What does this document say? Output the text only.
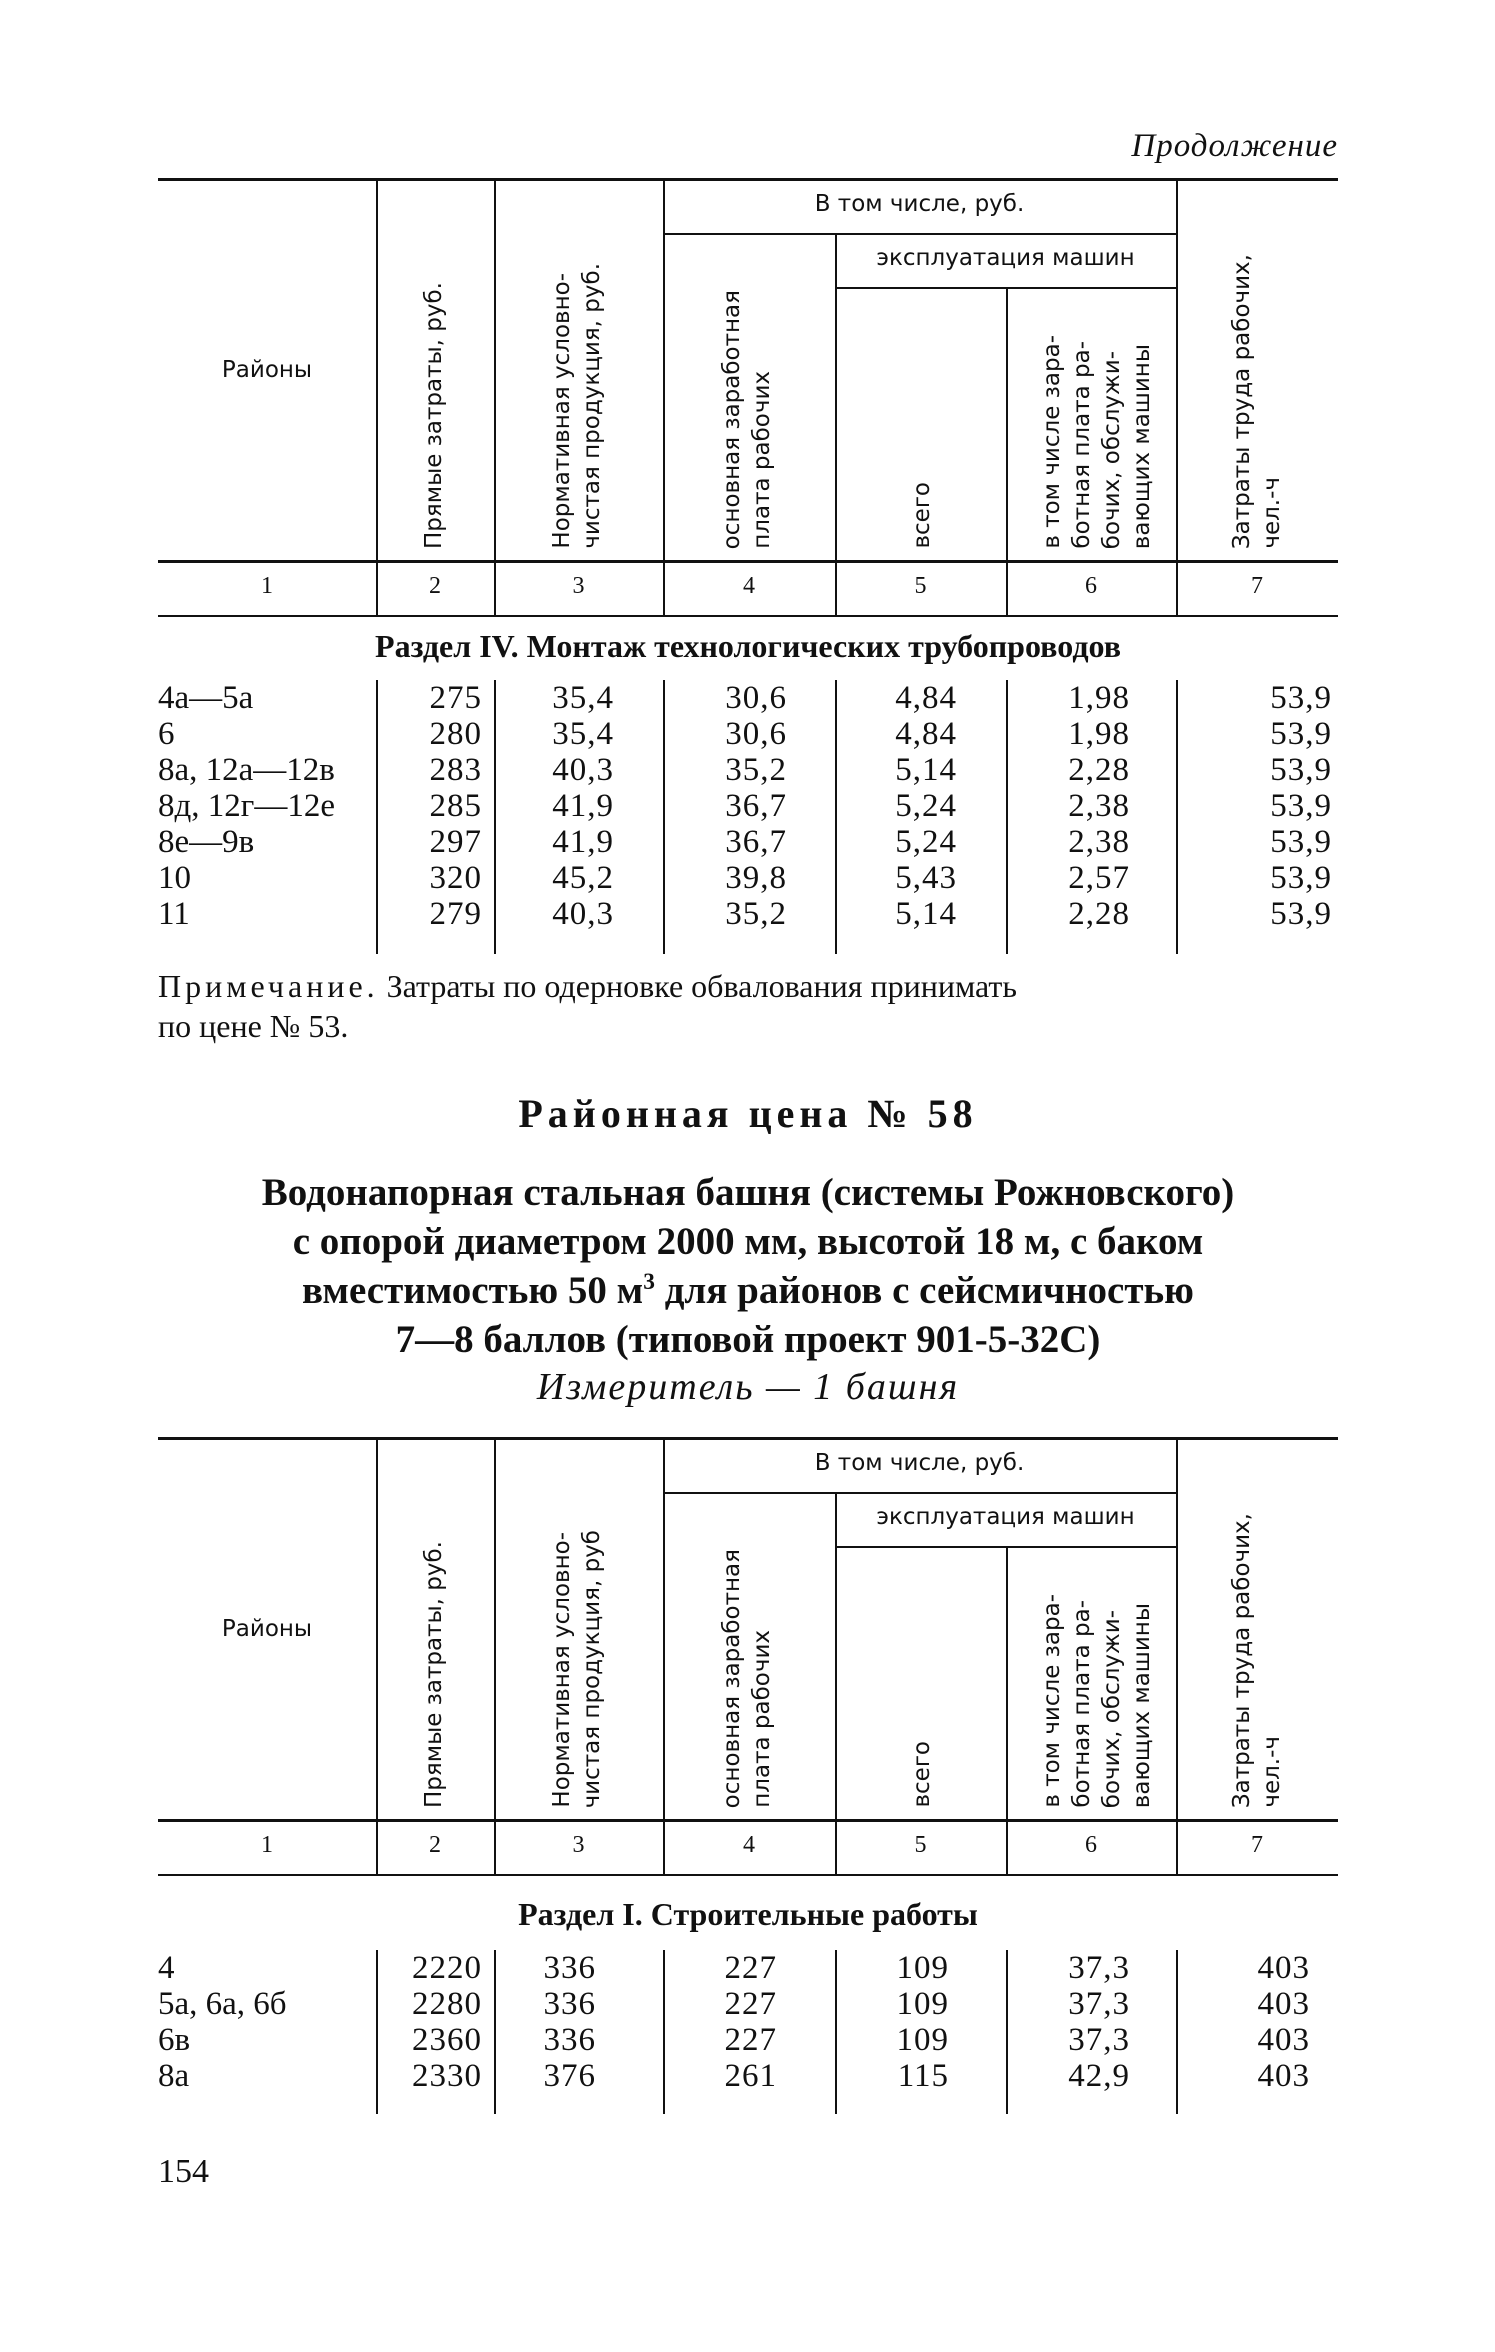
Продолжение
Районы
В том числе, руб.
эксплуатация машин
Прямые затраты, руб.	Нормативная условно- чистая продукция, руб.	основная заработная плата рабочих	всего	в том числе зара- ботная плата ра- бочих, обслужи- вающих машины	Затраты труда рабочих, чел.-ч
1	2	3	4	5	6	7
Раздел IV. Монтаж технологических трубопроводов
4а—5а	275	35,4	30,6	4,84	1,98	53,9
6	280	35,4	30,6	4,84	1,98	53,9
8а, 12а—12в	283	40,3	35,2	5,14	2,28	53,9
8д, 12г—12е	285	41,9	36,7	5,24	2,38	53,9
8е—9в	297	41,9	36,7	5,24	2,38	53,9
10	320	45,2	39,8	5,43	2,57	53,9
11	279	40,3	35,2	5,14	2,28	53,9
Примечание. Затраты по одерновке обвалования принимать
по цене № 53.
Районная цена № 58
Водонапорная стальная башня (системы Рожновского)
с опорой диаметром 2000 мм, высотой 18 м, с баком
вместимостью 50 $м^3$ для районов с сейсмичностью
7—8 баллов (типовой проект 901-5-32С)
Измеритель — 1 башня
Районы
В том числе, руб.
эксплуатация машин
Прямые затраты, руб.	Нормативная условно- чистая продукция, руб	основная заработная плата рабочих	всего	в том числе зара- ботная плата ра- бочих, обслужи- вающих машины	Затраты труда рабочих, чел.-ч
1	2	3	4	5	6	7
Раздел I. Строительные работы
4	2220	336	227	109	37,3	403
5а, 6а, 6б	2280	336	227	109	37,3	403
6в	2360	336	227	109	37,3	403
8а	2330	376	261	115	42,9	403
154
